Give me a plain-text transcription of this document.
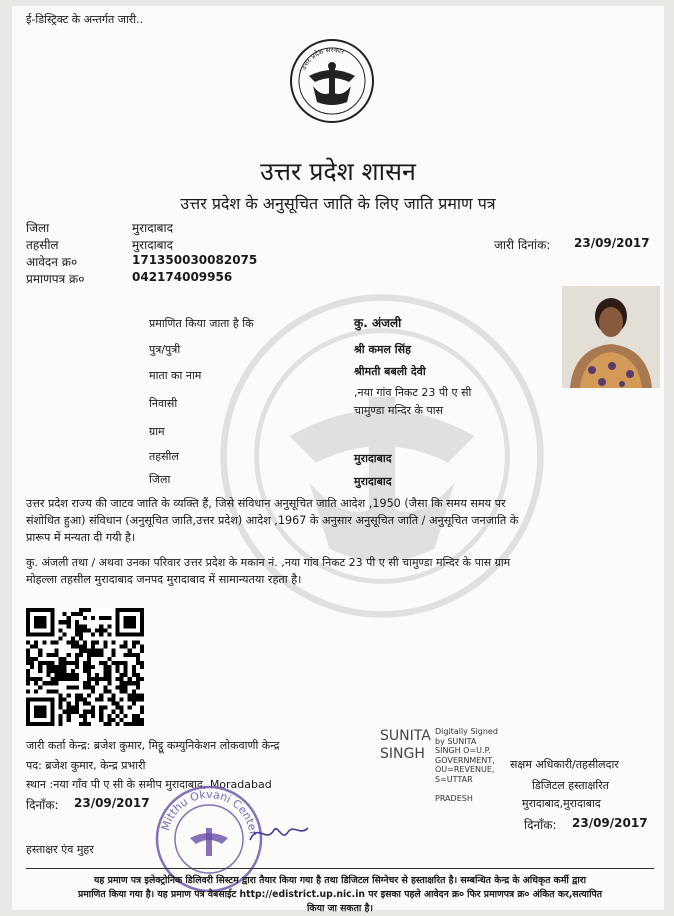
ई-डिस्ट्रिक्ट के अन्तर्गत जारी..
उत्तर प्रदेश सरकार
उत्तर प्रदेश शासन
उत्तर प्रदेश के अनुसूचित जाति के लिए जाति प्रमाण पत्र
जिला	मुरादाबाद
तहसील	मुरादाबाद
आवेदन क्र०	171350030082075
प्रमाणपत्र क्र०	042174009956
जारी दिनांक: 23/09/2017
प्रमाणित किया जाता है कि	कु. अंजली
पुत्र/पुत्री	श्री कमल सिंह
माता का नाम	श्रीमती बबली देवी
निवासी
,नया गांव निकट 23 पी ए सी
चामुण्डा मन्दिर के पास
ग्राम
तहसील	मुरादाबाद
जिला	मुरादाबाद
उत्तर प्रदेश राज्य की जाटव जाति के व्यक्ति हैं, जिसे संविधान अनुसूचित जाति आदेश ,1950 (जैसा कि समय समय पर
संशोधित हुआ) संविधान (अनुसूचित जाति,उत्तर प्रदेश) आदेश ,1967 के अनुसार अनुसूचित जाति / अनुसूचित जनजाति के
प्रारूप में मन्यता दी गयी है।
कु. अंजली तथा / अथवा उनका परिवार उत्तर प्रदेश के मकान नं. ,नया गांव निकट 23 पी ए सी चामुण्डा मन्दिर के पास ग्राम
मोहल्ला तहसील मुरादाबाद जनपद मुरादाबाद में सामान्यतया रहता है।
जारी कर्ता केन्द्र: ब्रजेश कुमार, मिट्ठू कम्युनिकेशन लोकवाणी केन्द्र
पद: ब्रजेश कुमार, केन्द्र प्रभारी
स्थान :नया गाँव पी ए सी के समीप मुरादाबाद, Moradabad
दिनाँक: 23/09/2017
SUNITA
SINGH
Digitally Signed
by SUNITA
SINGH O=U.P.
GOVERNMENT,
OU=REVENUE,
S=UTTAR
PRADESH
सक्षम अधिकारी/तहसीलदार
डिजिटल हस्ताक्षरित
मुरादाबाद,मुरादाबाद
दिनाँक: 23/09/2017
Mitthu Okvani Center
हस्ताक्षर एंव मुहर
यह प्रमाण पत्र इलेक्ट्रोनिक डिलिवरी सिस्टम द्वारा तैयार किया गया है तथा डिजिटल सिग्नेचर से हस्ताक्षरित है। सम्बन्धित केन्द्र के अधिकृत कर्मी द्वारा
प्रमाणित किया गया है। यह प्रमाण पत्र वेबसाईट http://edistrict.up.nic.in पर इसका पहले आवेदन क्र० फिर प्रमाणपत्र क्र० अंकित कर,सत्यापित
किया जा सकता है।
